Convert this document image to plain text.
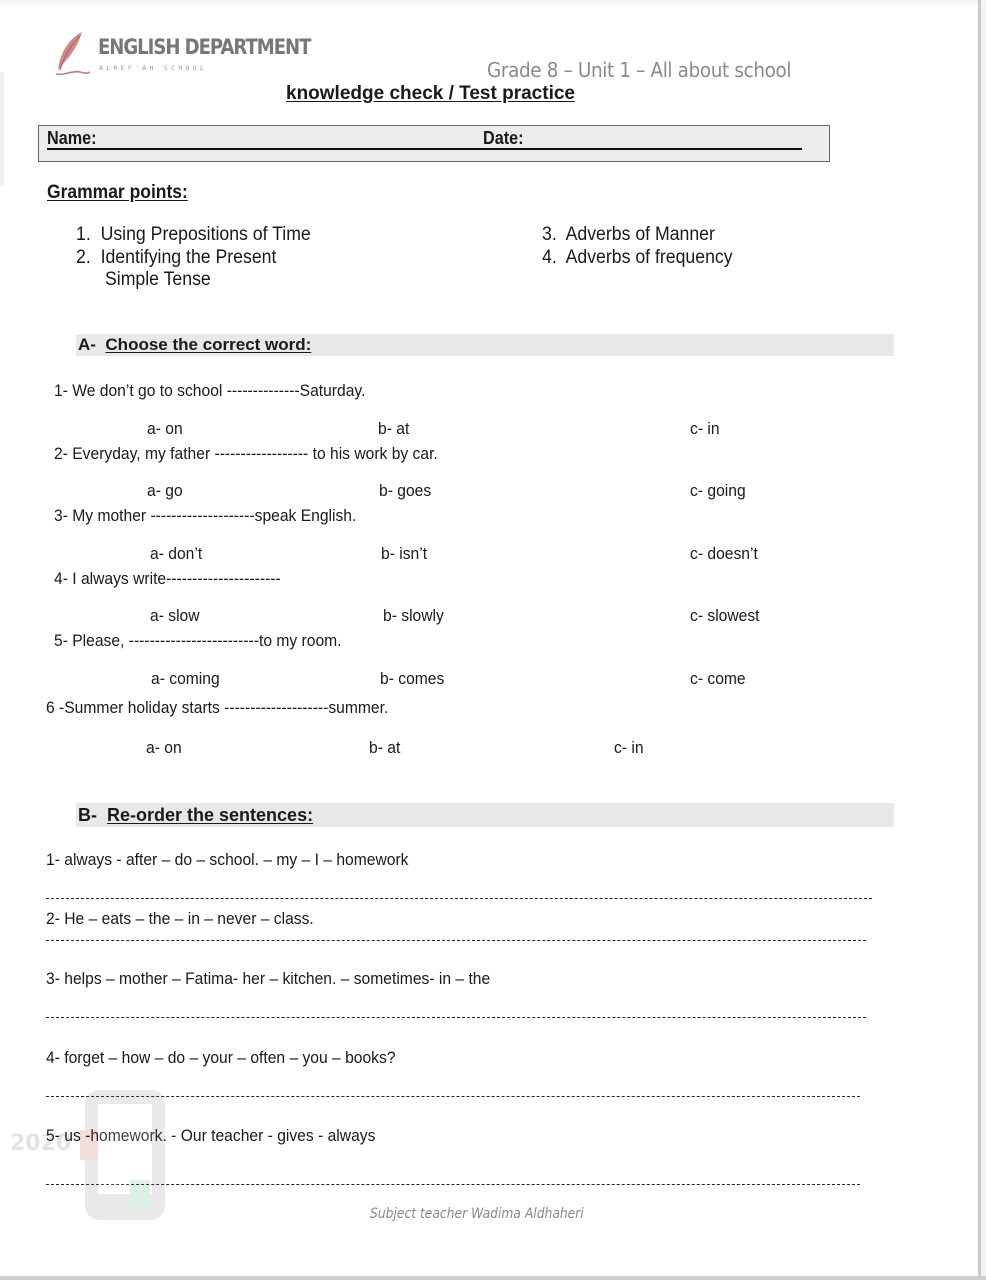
ENGLISH DEPARTMENT
ALREF'AH SCHOOL	Grade 8 – Unit 1 – All about school
knowledge check / Test practice
Name:	Date:
Grammar points:
1. Using Prepositions of Time
2. Identifying the Present
Simple Tense
3. Adverbs of Manner
4. Adverbs of frequency
A- Choose the correct word:
1- We don’t go to school --------------Saturday.
a- on	b- at	c- in
2- Everyday, my father ------------------ to his work by car.
a- go	b- goes	c- going
3- My mother --------------------speak English.
a- don’t	b- isn’t	c- doesn’t
4- I always write----------------------
a- slow	b- slowly	c- slowest
5- Please, -------------------------to my room.
a- coming	b- comes	c- come
6 -Summer holiday starts --------------------summer.
a- on	b- at	c- in
B- Re-order the sentences:
1- always - after – do – school. – my – I – homework
2- He – eats – the – in – never – class.
3- helps – mother – Fatima- her – kitchen. – sometimes- in – the
4- forget – how – do – your – often – you – books?
5- us -homework. - Our teacher - gives - always
2020
Subject teacher Wadima Aldhaheri
